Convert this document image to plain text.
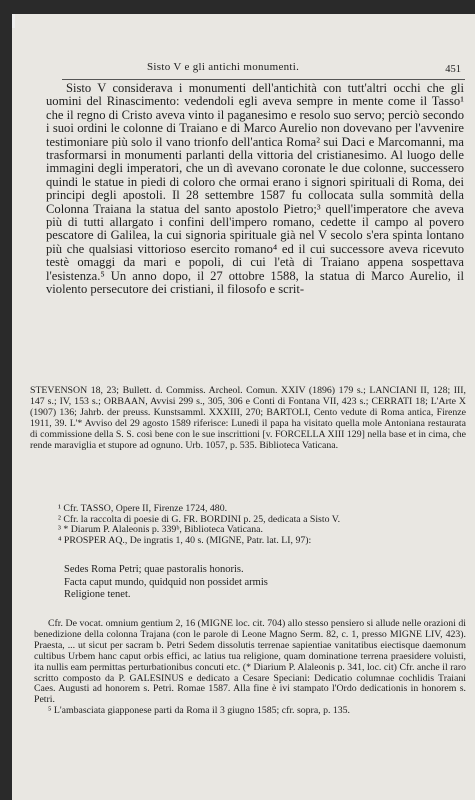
Sisto V e gli antichi monumenti.	451

Sisto V considerava i monumenti dell'antichità con tutt'altri occhi che gli uomini del Rinascimento: vedendoli egli aveva sempre in mente come il Tasso¹ che il regno di Cristo aveva vinto il paganesimo e resolo suo servo; perciò secondo i suoi ordini le colonne di Traiano e di Marco Aurelio non dovevano per l'avvenire testimoniare più solo il vano trionfo dell'antica Roma² sui Daci e Marcomanni, ma trasformarsi in monumenti parlanti della vittoria del cristianesimo. Al luogo delle immagini degli imperatori, che un dì avevano coronate le due colonne, successero quindi le statue in piedi di coloro che ormai erano i signori spirituali di Roma, dei principi degli apostoli. Il 28 settembre 1587 fu collocata sulla sommità della Colonna Traiana la statua del santo apostolo Pietro;³ quell'imperatore che aveva più di tutti allargato i confini dell'impero romano, cedette il campo al povero pescatore di Galilea, la cui signoria spirituale già nel V secolo s'era spinta lontano più che qualsiasi vittorioso esercito romano⁴ ed il cui successore aveva ricevuto testè omaggi da mari e popoli, di cui l'età di Traiano appena sospettava l'esistenza.⁵ Un anno dopo, il 27 ottobre 1588, la statua di Marco Aurelio, il violento persecutore dei cristiani, il filosofo e scrit-

STEVENSON 18, 23; Bullett. d. Commiss. Archeol. Comun. XXIV (1896) 179 s.; LANCIANI II, 128; III, 147 s.; IV, 153 s.; ORBAAN, Avvisi 299 s., 305, 306 e Conti di Fontana VII, 423 s.; CERRATI 18; L'Arte X (1907) 136; Jahrb. der preuss. Kunstsamml. XXXIII, 270; BARTOLI, Cento vedute di Roma antica, Firenze 1911, 39. L'* Avviso del 29 agosto 1589 riferisce: Lunedì il papa ha visitato quella mole Antoniana restaurata di commissione della S. S. così bene con le sue inscrittioni [v. FORCELLA XIII 129] nella base et in cima, che rende maraviglia et stupore ad ognuno. Urb. 1057, p. 535. Biblioteca Vaticana.

¹ Cfr. TASSO, Opere II, Firenze 1724, 480.

² Cfr. la raccolta di poesie di G. FR. BORDINI p. 25, dedicata a Sisto V.

³ * Diarum P. Alaleonis p. 339ᵇ, Biblioteca Vaticana.

⁴ PROSPER AQ., De ingratis 1, 40 s. (MIGNE, Patr. lat. LI, 97):

Sedes Roma Petri; quae pastoralis honoris.

Facta caput mundo, quidquid non possidet armis

Religione tenet.

Cfr. De vocat. omnium gentium 2, 16 (MIGNE loc. cit. 704) allo stesso pensiero si allude nelle orazioni di benedizione della colonna Trajana (con le parole di Leone Magno Serm. 82, c. 1, presso MIGNE LIV, 423). Praesta, ... ut sicut per sacram b. Petri Sedem dissolutis terrenae sapientiae vanitatibus eiectisque daemonum cultibus Urbem hanc caput orbis effici, ac latius tua religione, quam dominatione terrena praesidere voluisti, ita nullis eam permittas perturbationibus concuti etc. (* Diarium P. Alaleonis p. 341, loc. cit) Cfr. anche il raro scritto composto da P. GALESINUS e dedicato a Cesare Speciani: Dedicatio columnae cochlidis Traiani Caes. Augusti ad honorem s. Petri. Romae 1587. Alla fine è ivi stampato l'Ordo dedicationis in honorem s. Petri.

⁵ L'ambasciata giapponese parti da Roma il 3 giugno 1585; cfr. sopra, p. 135.
